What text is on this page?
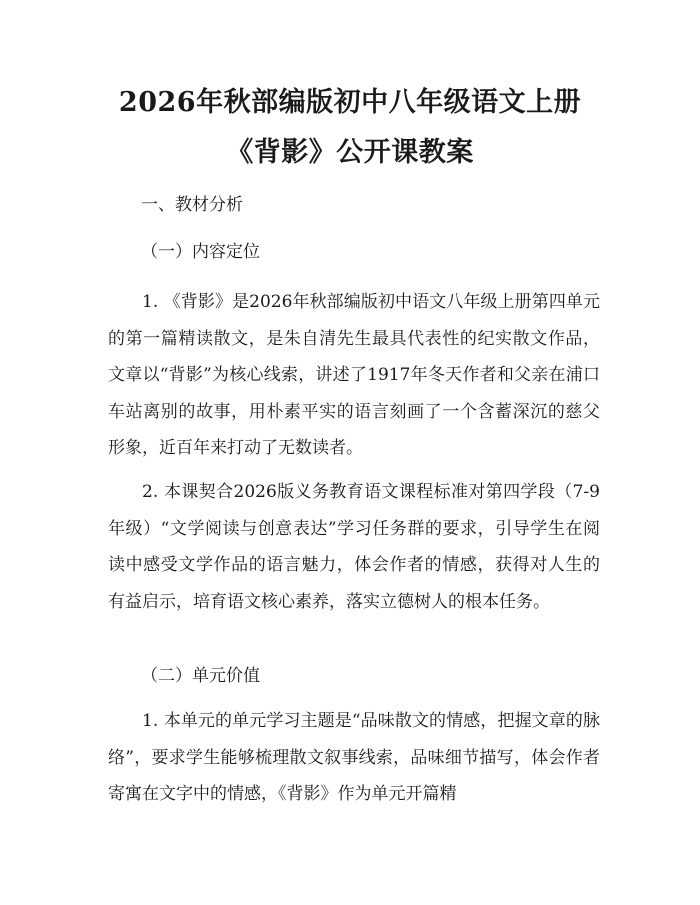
2026年秋部编版初中八年级语文上册《背影》公开课教案

一、教材分析

（一）内容定位

1. 《背影》是2026年秋部编版初中语文八年级上册第四单元的第一篇精读散文，是朱自清先生最具代表性的纪实散文作品，文章以“背影”为核心线索，讲述了1917年冬天作者和父亲在浦口车站离别的故事，用朴素平实的语言刻画了一个含蓄深沉的慈父形象，近百年来打动了无数读者。

2. 本课契合2026版义务教育语文课程标准对第四学段（7-9年级）“文学阅读与创意表达”学习任务群的要求，引导学生在阅读中感受文学作品的语言魅力，体会作者的情感，获得对人生的有益启示，培育语文核心素养，落实立德树人的根本任务。

（二）单元价值

1. 本单元的单元学习主题是“品味散文的情感，把握文章的脉络”，要求学生能够梳理散文叙事线索，品味细节描写，体会作者寄寓在文字中的情感，《背影》作为单元开篇精
